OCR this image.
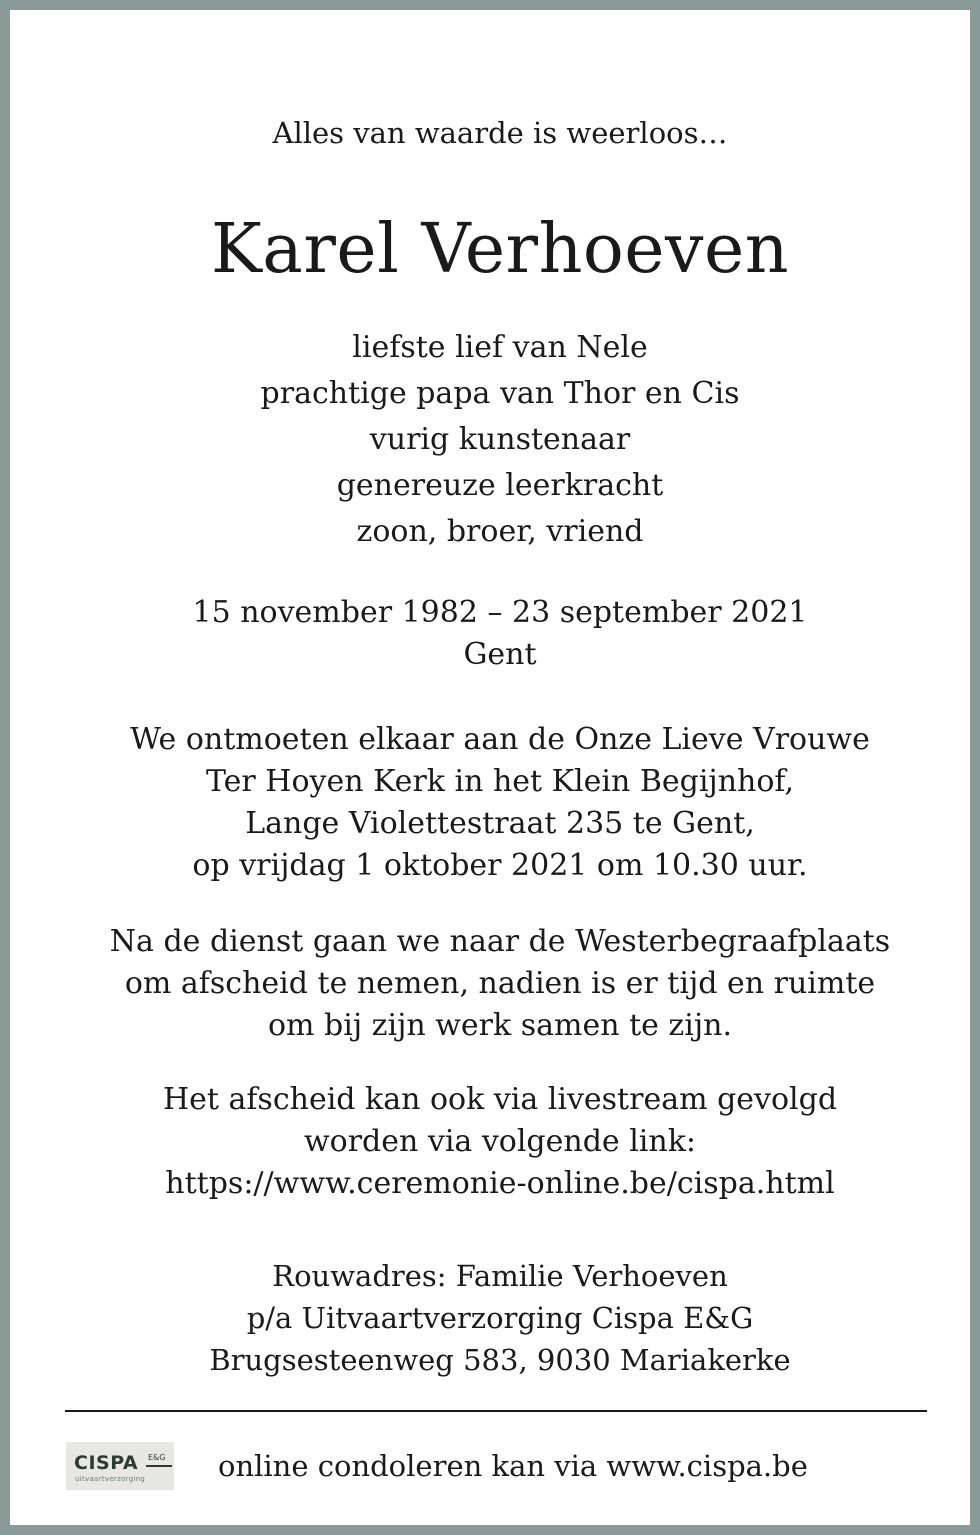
Alles van waarde is weerloos…
Karel Verhoeven
liefste lief van Nele
prachtige papa van Thor en Cis
vurig kunstenaar
genereuze leerkracht
zoon, broer, vriend
15 november 1982 – 23 september 2021
Gent
We ontmoeten elkaar aan de Onze Lieve Vrouwe
Ter Hoyen Kerk in het Klein Begijnhof,
Lange Violettestraat 235 te Gent,
op vrijdag 1 oktober 2021 om 10.30 uur.
Na de dienst gaan we naar de Westerbegraafplaats
om afscheid te nemen, nadien is er tijd en ruimte
om bij zijn werk samen te zijn.
Het afscheid kan ook via livestream gevolgd
worden via volgende link:
https://www.ceremonie-online.be/cispa.html
Rouwadres: Familie Verhoeven
p/a Uitvaartverzorging Cispa E&G
Brugsesteenweg 583, 9030 Mariakerke
CISPA E&G
uitvaartverzorging	online condoleren kan via www.cispa.be
